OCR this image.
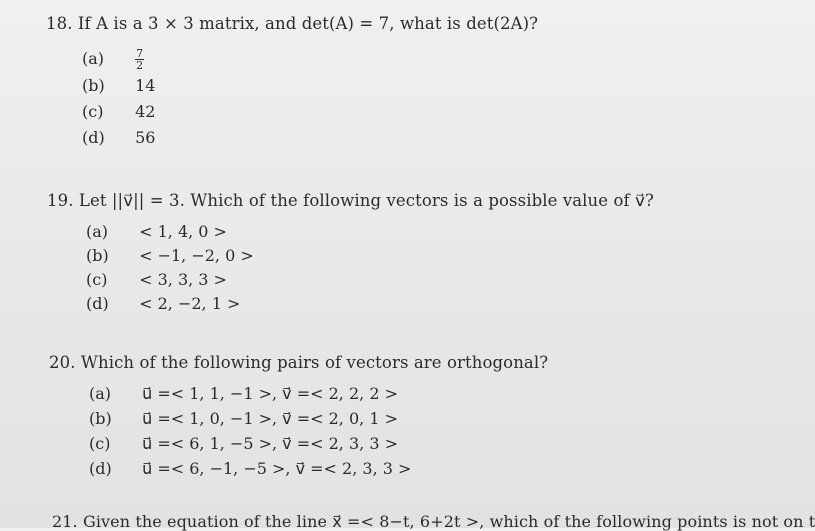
18. If A is a 3 × 3 matrix, and det(A) = 7, what is det(2A)?
(a)	$\frac{7}{2}$
(b) 14
(c) 42
(d) 56
19. Let ||v⃗|| = 3. Which of the following vectors is a possible value of v⃗?
(a) < 1, 4, 0 >
(b) < −1, −2, 0 >
(c) < 3, 3, 3 >
(d) < 2, −2, 1 >
20. Which of the following pairs of vectors are orthogonal?
(a) u⃗ =< 1, 1, −1 >, v⃗ =< 2, 2, 2 >
(b) u⃗ =< 1, 0, −1 >, v⃗ =< 2, 0, 1 >
(c) u⃗ =< 6, 1, −5 >, v⃗ =< 2, 3, 3 >
(d) u⃗ =< 6, −1, −5 >, v⃗ =< 2, 3, 3 >
21. Given the equation of the line x⃗ =< 8−t, 6+2t >, which of the following points is not on t
